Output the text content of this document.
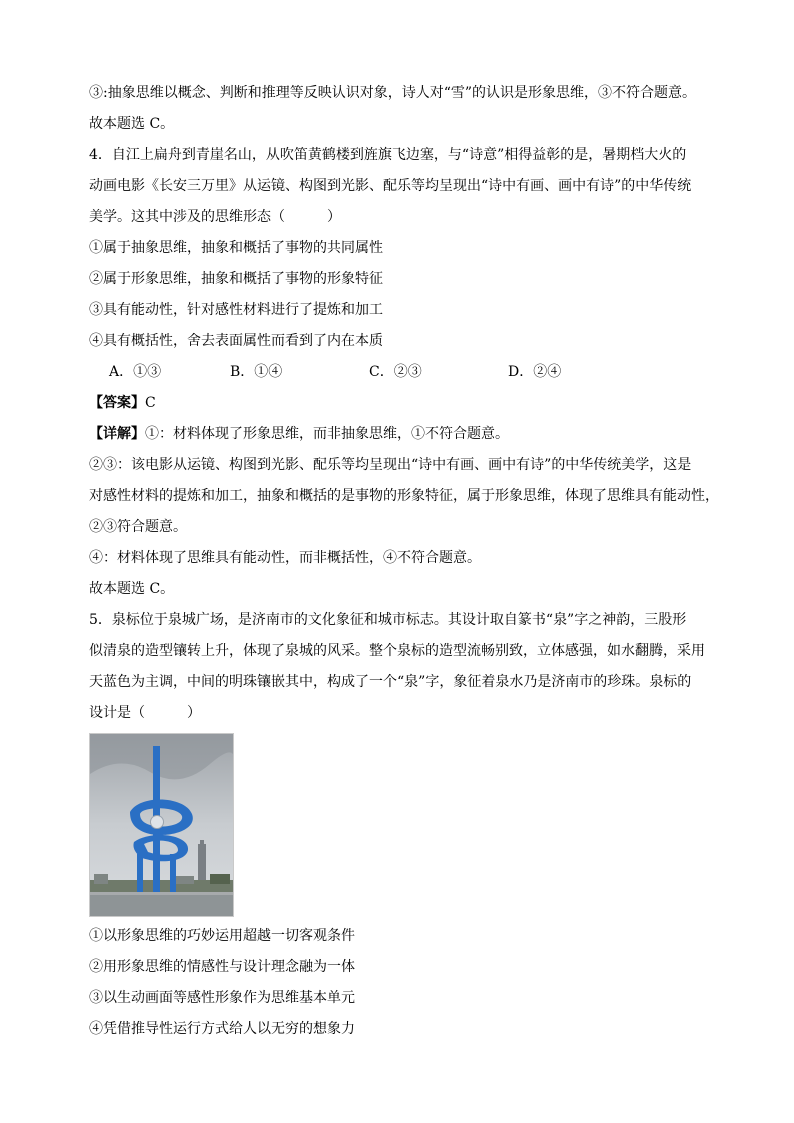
③:抽象思维以概念、判断和推理等反映认识对象，诗人对“雪”的认识是形象思维，③不符合题意。
故本题选 C。
4．自江上扁舟到青崖名山，从吹笛黄鹤楼到旌旗飞边塞，与“诗意”相得益彰的是，暑期档大火的
动画电影《长安三万里》从运镜、构图到光影、配乐等均呈现出“诗中有画、画中有诗”的中华传统
美学。这其中涉及的思维形态（　　　）
①属于抽象思维，抽象和概括了事物的共同属性
②属于形象思维，抽象和概括了事物的形象特征
③具有能动性，针对感性材料进行了提炼和加工
④具有概括性，舍去表面属性而看到了内在本质
A．①③	B．①④	C．②③	D．②④
【答案】C
【详解】①：材料体现了形象思维，而非抽象思维，①不符合题意。
②③：该电影从运镜、构图到光影、配乐等均呈现出“诗中有画、画中有诗”的中华传统美学，这是
对感性材料的提炼和加工，抽象和概括的是事物的形象特征，属于形象思维，体现了思维具有能动性，
②③符合题意。
④：材料体现了思维具有能动性，而非概括性，④不符合题意。
故本题选 C。
5．泉标位于泉城广场，是济南市的文化象征和城市标志。其设计取自篆书“泉”字之神韵，三股形
似清泉的造型镶转上升，体现了泉城的风采。整个泉标的造型流畅别致，立体感强，如水翻腾，采用
天蓝色为主调，中间的明珠镶嵌其中，构成了一个“泉”字，象征着泉水乃是济南市的珍珠。泉标的
设计是（　　　）
①以形象思维的巧妙运用超越一切客观条件
②用形象思维的情感性与设计理念融为一体
③以生动画面等感性形象作为思维基本单元
④凭借推导性运行方式给人以无穷的想象力
